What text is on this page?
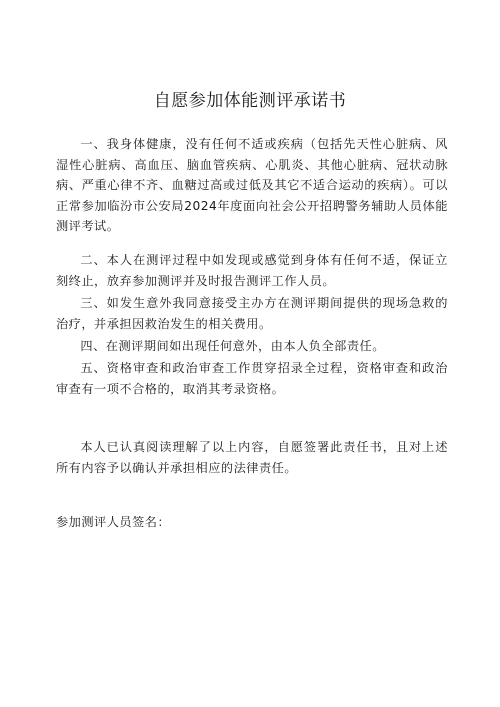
自愿参加体能测评承诺书
一、我身体健康，没有任何不适或疾病（包括先天性心脏病、风湿性心脏病、高血压、脑血管疾病、心肌炎、其他心脏病、冠状动脉病、严重心律不齐、血糖过高或过低及其它不适合运动的疾病）。可以正常参加临汾市公安局2024年度面向社会公开招聘警务辅助人员体能测评考试。
二、本人在测评过程中如发现或感觉到身体有任何不适，保证立刻终止，放弃参加测评并及时报告测评工作人员。
三、如发生意外我同意接受主办方在测评期间提供的现场急救的治疗，并承担因救治发生的相关费用。
四、在测评期间如出现任何意外，由本人负全部责任。
五、资格审查和政治审查工作贯穿招录全过程，资格审查和政治审查有一项不合格的，取消其考录资格。
本人已认真阅读理解了以上内容，自愿签署此责任书，且对上述所有内容予以确认并承担相应的法律责任。
参加测评人员签名：
